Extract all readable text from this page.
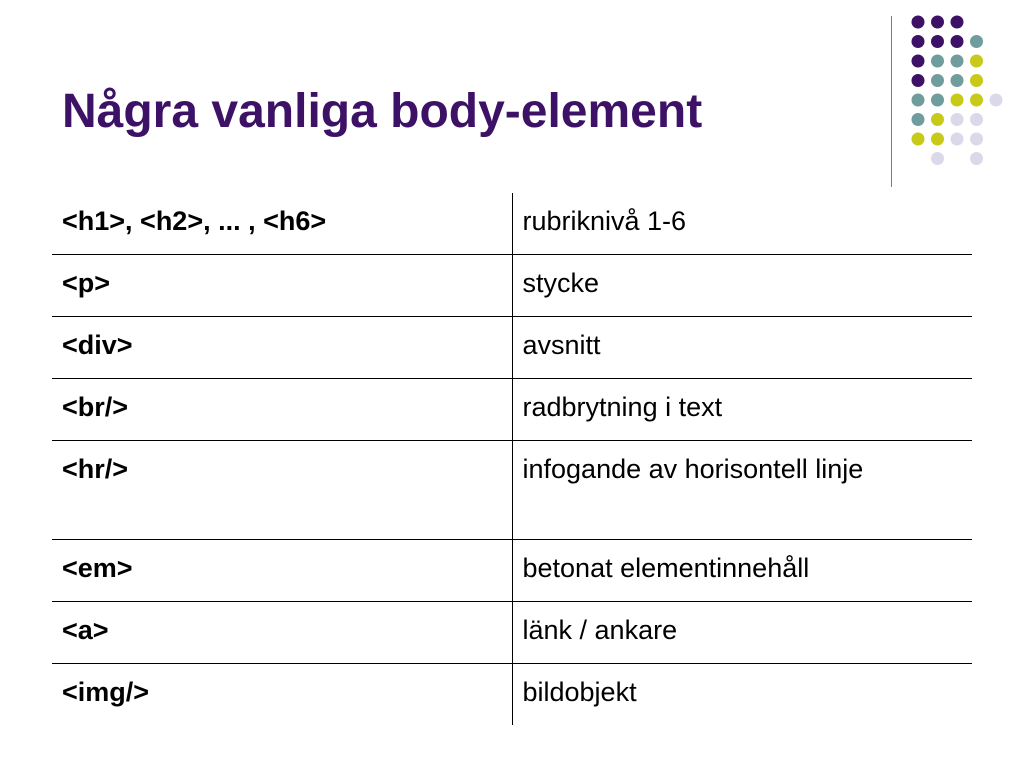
Några vanliga body-element
<h1>, <h2>, ... , <h6>	rubriknivå 1-6
<p>	stycke
<div>	avsnitt
<br/>	radbrytning i text
<hr/>	infogande av horisontell linje
<em>	betonat elementinnehåll
<a>	länk / ankare
<img/>	bildobjekt
